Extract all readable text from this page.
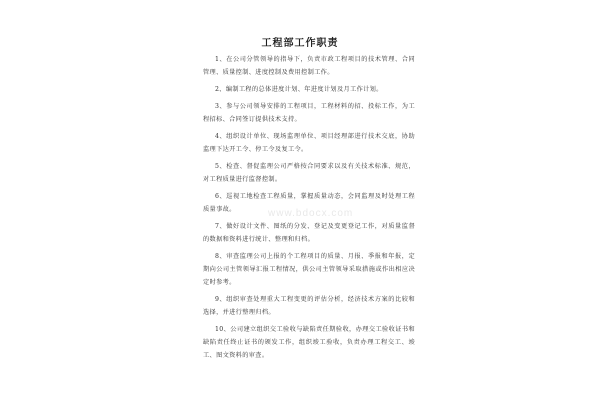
工程部工作职责

1、在公司分管领导的指导下，负责市政工程项目的技术管理、合同管理、质量控制、进度控制及费用控制工作。

2、编制工程的总体进度计划、年进度计划及月工作计划。

3、参与公司领导安排的工程项目，工程材料的招、投标工作，为工程招标、合同签订提供技术支持。

4、组织设计单位、现场监理单位、项目经理部进行技术交底，协助监理下达开工令、停工令及复工令。

5、检查、督促监理公司严格按合同要求以及有关技术标准、规范，对工程质量进行监督控制。

6、巡视工地检查工程质量，掌握质量动态，会同监理及时处理工程质量事故。

7、做好设计文件、图纸的分发、登记及变更登记工作，对质量监督的数据和资料进行统计、整理和归档。

8、审查监理公司上报的个工程项目的质量、月报、季报和年报，定期向公司主管领导汇报工程情况，供公司主管领导采取措施或作出相应决定时参考。

9、组织审查处理重大工程变更的评估分析，经济技术方案的比较和选择，并进行整理归档。

10、公司建立组织交工验收与缺陷责任期验收，办理交工验收证书和缺陷责任终止证书的颁发工作，组织竣工验收，负责办理工程交工、竣工、图文资料的审查。

www.bdocx.com
